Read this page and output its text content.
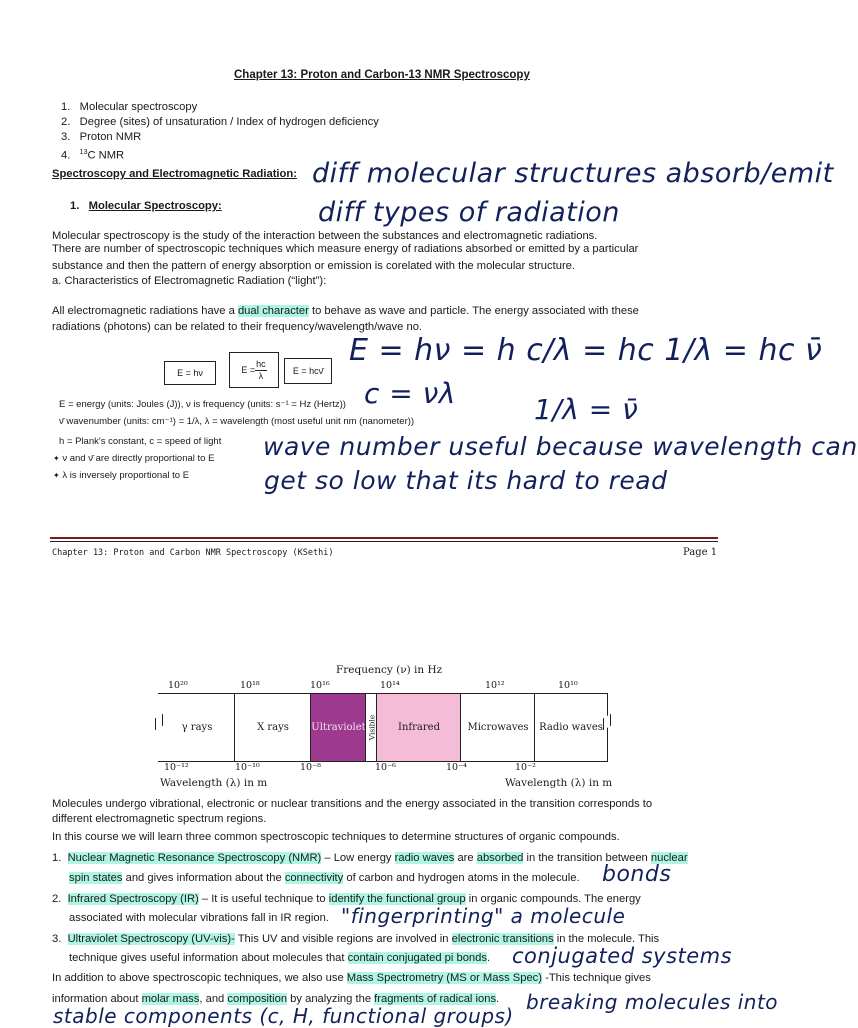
Chapter 13: Proton and Carbon-13 NMR Spectroscopy
1. Molecular spectroscopy
2. Degree (sites) of unsaturation / Index of hydrogen deficiency
3. Proton NMR
4. $^{13}$C NMR
Spectroscopy and Electromagnetic Radiation:
1. Molecular Spectroscopy:
diff molecular structures absorb/emit
diff types of radiation
Molecular spectroscopy is the study of the interaction between the substances and electromagnetic radiations.
There are number of spectroscopic techniques which measure energy of radiations absorbed or emitted by a particular
substance and then the pattern of energy absorption or emission is corelated with the molecular structure.
a. Characteristics of Electromagnetic Radiation (“light”):
All electromagnetic radiations have a dual character to behave as wave and particle. The energy associated with these
radiations (photons) can be related to their frequency/wavelength/wave no.
E = hν	$E = \frac{hc}{\lambda}$	E = hcν̄
E = hν = h c/λ = hc 1/λ = hc ν̄
c = νλ	1/λ = ν̄
E = energy (units: Joules (J)), ν is frequency (units: s⁻¹ = Hz (Hertz))
ν̄ wavenumber (units: cm⁻¹) = 1/λ, λ = wavelength (most useful unit nm (nanometer))
h = Plank's constant, c = speed of light
✦ ν and ν̄ are directly proportional to E
✦ λ is inversely proportional to E
wave number useful because wavelength can
get so low that its hard to read
Chapter 13: Proton and Carbon NMR Spectroscopy (KSethi)	Page 1
Frequency (ν) in Hz
10²⁰	10¹⁸	10¹⁶	10¹⁴	10¹²	10¹⁰
γ rays	X rays	Ultraviolet Visible	Infrared	Microwaves	Radio waves
10⁻¹²	10⁻¹⁰	10⁻⁸	10⁻⁶	10⁻⁴	10⁻²
Wavelength (λ) in m	Wavelength (λ) in m
Molecules undergo vibrational, electronic or nuclear transitions and the energy associated in the transition corresponds to
different electromagnetic spectrum regions.
In this course we will learn three common spectroscopic techniques to determine structures of organic compounds.
1. Nuclear Magnetic Resonance Spectroscopy (NMR) – Low energy radio waves are absorbed in the transition between nuclear
spin states and gives information about the connectivity of carbon and hydrogen atoms in the molecule. bonds
2. Infrared Spectroscopy (IR) – It is useful technique to identify the functional group in organic compounds. The energy
associated with molecular vibrations fall in IR region. "fingerprinting" a molecule
3. Ultraviolet Spectroscopy (UV-vis)- This UV and visible regions are involved in electronic transitions in the molecule. This
technique gives useful information about molecules that contain conjugated pi bonds. conjugated systems
In addition to above spectroscopic techniques, we also use Mass Spectrometry (MS or Mass Spec) -This technique gives
information about molar mass, and composition by analyzing the fragments of radical ions. breaking molecules into
stable components (c, H, functional groups)
